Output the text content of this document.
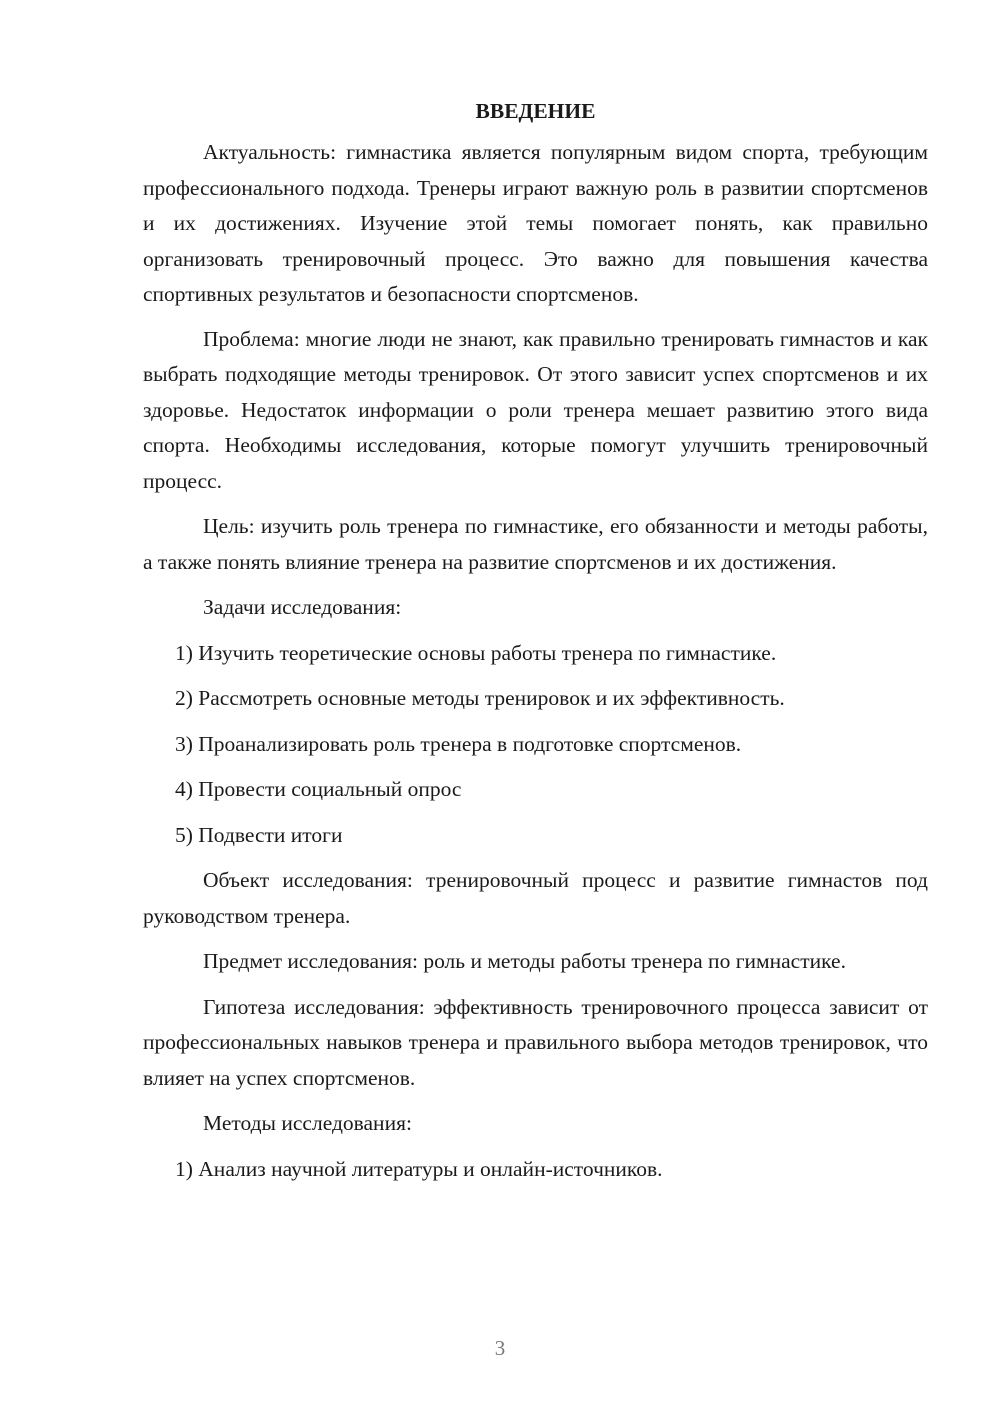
ВВЕДЕНИЕ

Актуальность: гимнастика является популярным видом спорта, требующим профессионального подхода. Тренеры играют важную роль в развитии спортсменов и их достижениях. Изучение этой темы помогает понять, как правильно организовать тренировочный процесс. Это важно для повышения качества спортивных результатов и безопасности спортсменов.

Проблема: многие люди не знают, как правильно тренировать гимнастов и как выбрать подходящие методы тренировок. От этого зависит успех спортсменов и их здоровье. Недостаток информации о роли тренера мешает развитию этого вида спорта. Необходимы исследования, которые помогут улучшить тренировочный процесс.

Цель: изучить роль тренера по гимнастике, его обязанности и методы работы, а также понять влияние тренера на развитие спортсменов и их достижения.

Задачи исследования:

1) Изучить теоретические основы работы тренера по гимнастике.

2) Рассмотреть основные методы тренировок и их эффективность.

3) Проанализировать роль тренера в подготовке спортсменов.

4) Провести социальный опрос

5) Подвести итоги

Объект исследования: тренировочный процесс и развитие гимнастов под руководством тренера.

Предмет исследования: роль и методы работы тренера по гимнастике.

Гипотеза исследования: эффективность тренировочного процесса зависит от профессиональных навыков тренера и правильного выбора методов тренировок, что влияет на успех спортсменов.

Методы исследования:

1) Анализ научной литературы и онлайн-источников.

3
